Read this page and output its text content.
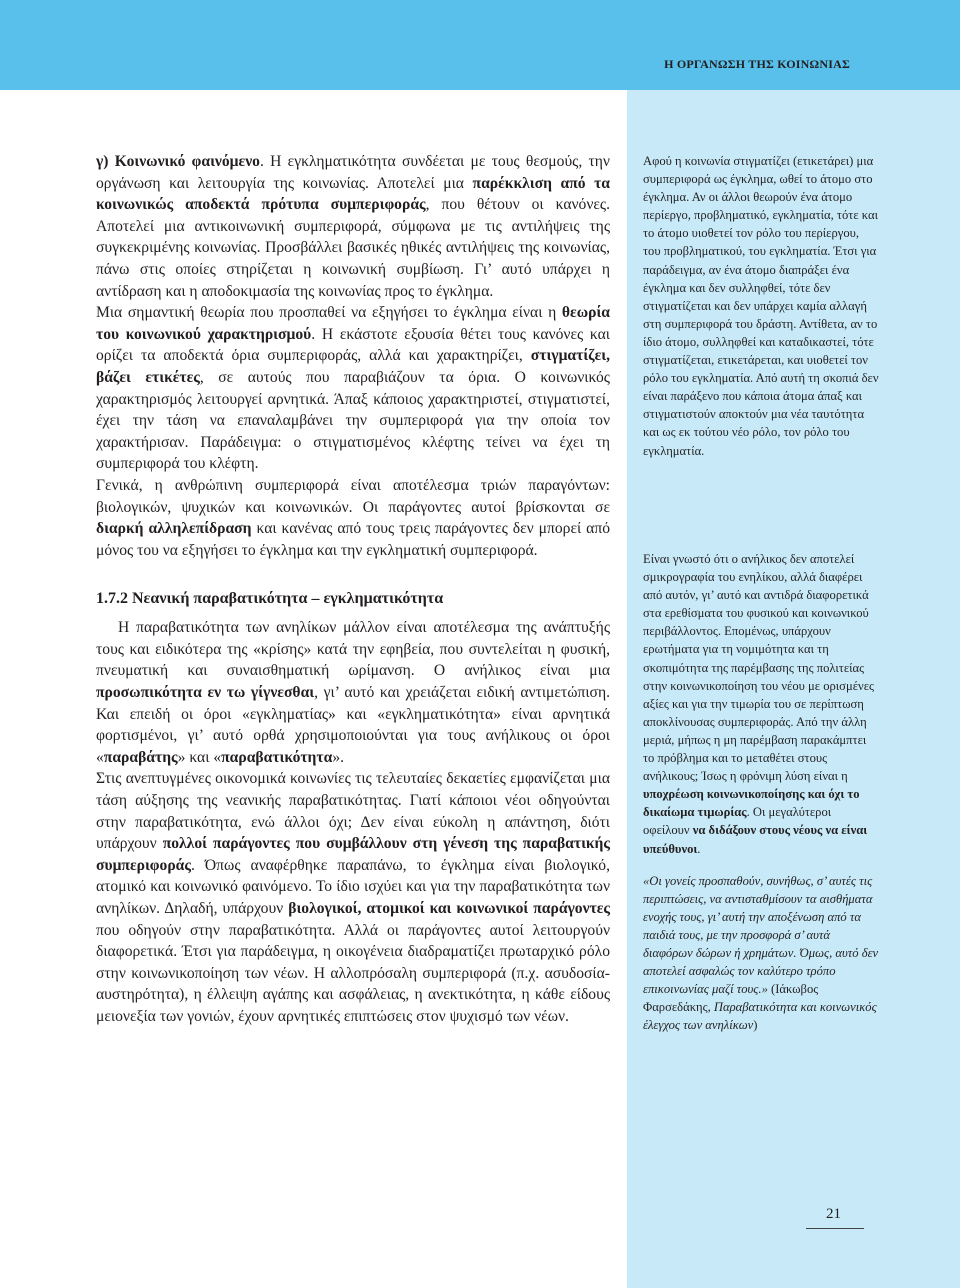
Η ΟΡΓΑΝΩΣΗ ΤΗΣ ΚΟΙΝΩΝΙΑΣ

γ) Κοινωνικό φαινόμενο. Η εγκληματικότητα συνδέεται με τους θεσμούς, την οργάνωση και λειτουργία της κοινωνίας. Αποτελεί μια παρέκκλιση από τα κοινωνικώς αποδεκτά πρότυπα συμπεριφοράς, που θέτουν οι κανόνες. Αποτελεί μια αντικοινωνική συμπεριφορά, σύμφωνα με τις αντιλήψεις της συγκεκριμένης κοινωνίας. Προσβάλλει βασικές ηθικές αντιλήψεις της κοινωνίας, πάνω στις οποίες στηρίζεται η κοινωνική συμβίωση. Γι’ αυτό υπάρχει η αντίδραση και η αποδοκιμασία της κοινωνίας προς το έγκλημα.

Μια σημαντική θεωρία που προσπαθεί να εξηγήσει το έγκλημα είναι η θεωρία του κοινωνικού χαρακτηρισμού. Η εκάστοτε εξουσία θέτει τους κανόνες και ορίζει τα αποδεκτά όρια συμπεριφοράς, αλλά και χαρακτηρίζει, στιγματίζει, βάζει ετικέτες, σε αυτούς που παραβιάζουν τα όρια. Ο κοινωνικός χαρακτηρισμός λειτουργεί αρνητικά. Άπαξ κάποιος χαρακτηριστεί, στιγματιστεί, έχει την τάση να επαναλαμβάνει την συμπεριφορά για την οποία τον χαρακτήρισαν. Παράδειγμα: ο στιγματισμένος κλέφτης τείνει να έχει τη συμπεριφορά του κλέφτη.

Γενικά, η ανθρώπινη συμπεριφορά είναι αποτέλεσμα τριών παραγόντων: βιολογικών, ψυχικών και κοινωνικών. Οι παράγοντες αυτοί βρίσκονται σε διαρκή αλληλεπίδραση και κανένας από τους τρεις παράγοντες δεν μπορεί από μόνος του να εξηγήσει το έγκλημα και την εγκληματική συμπεριφορά.

1.7.2 Νεανική παραβατικότητα – εγκληματικότητα

Η παραβατικότητα των ανηλίκων μάλλον είναι αποτέλεσμα της ανάπτυξής τους και ειδικότερα της «κρίσης» κατά την εφηβεία, που συντελείται η φυσική, πνευματική και συναισθηματική ωρίμανση. Ο ανήλικος είναι μια προσωπικότητα εν τω γίγνεσθαι, γι’ αυτό και χρειάζεται ειδική αντιμετώπιση. Και επειδή οι όροι «εγκληματίας» και «εγκληματικότητα» είναι αρνητικά φορτισμένοι, γι’ αυτό ορθά χρησιμοποιούνται για τους ανήλικους οι όροι «παραβάτης» και «παραβατικότητα».

Στις ανεπτυγμένες οικονομικά κοινωνίες τις τελευταίες δεκαετίες εμφανίζεται μια τάση αύξησης της νεανικής παραβατικότητας. Γιατί κάποιοι νέοι οδηγούνται στην παραβατικότητα, ενώ άλλοι όχι; Δεν είναι εύκολη η απάντηση, διότι υπάρχουν πολλοί παράγοντες που συμβάλλουν στη γένεση της παραβατικής συμπεριφοράς. Όπως αναφέρθηκε παραπάνω, το έγκλημα είναι βιολογικό, ατομικό και κοινωνικό φαινόμενο. Το ίδιο ισχύει και για την παραβατικότητα των ανηλίκων. Δηλαδή, υπάρχουν βιολογικοί, ατομικοί και κοινωνικοί παράγοντες που οδηγούν στην παραβατικότητα. Αλλά οι παράγοντες αυτοί λειτουργούν διαφορετικά. Έτσι για παράδειγμα, η οικογένεια διαδραματίζει πρωταρχικό ρόλο στην κοινωνικοποίηση των νέων. Η αλλοπρόσαλη συμπεριφορά (π.χ. ασυδοσία-αυστηρότητα), η έλλειψη αγάπης και ασφάλειας, η ανεκτικότητα, η κάθε είδους μειονεξία των γονιών, έχουν αρνητικές επιπτώσεις στον ψυχισμό των νέων.

Αφού η κοινωνία στιγματίζει (ετικετάρει) μια συμπεριφορά ως έγκλημα, ωθεί το άτομο στο έγκλημα. Αν οι άλλοι θεωρούν ένα άτομο περίεργο, προβληματικό, εγκληματία, τότε και το άτομο υιοθετεί τον ρόλο του περίεργου, του προβληματικού, του εγκληματία. Έτσι για παράδειγμα, αν ένα άτομο διαπράξει ένα έγκλημα και δεν συλληφθεί, τότε δεν στιγματίζεται και δεν υπάρχει καμία αλλαγή στη συμπεριφορά του δράστη. Αντίθετα, αν το ίδιο άτομο, συλληφθεί και καταδικαστεί, τότε στιγματίζεται, ετικετάρεται, και υιοθετεί τον ρόλο του εγκληματία. Από αυτή τη σκοπιά δεν είναι παράξενο που κάποια άτομα άπαξ και στιγματιστούν αποκτούν μια νέα ταυτότητα και ως εκ τούτου νέο ρόλο, τον ρόλο του εγκληματία.

Είναι γνωστό ότι ο ανήλικος δεν αποτελεί σμικρογραφία του ενηλίκου, αλλά διαφέρει από αυτόν, γι’ αυτό και αντιδρά διαφορετικά στα ερεθίσματα του φυσικού και κοινωνικού περιβάλλοντος. Επομένως, υπάρχουν ερωτήματα για τη νομιμότητα και τη σκοπιμότητα της παρέμβασης της πολιτείας στην κοινωνικοποίηση του νέου με ορισμένες αξίες και για την τιμωρία του σε περίπτωση αποκλίνουσας συμπεριφοράς. Από την άλλη μεριά, μήπως η μη παρέμβαση παρακάμπτει το πρόβλημα και το μεταθέτει στους ανήλικους; Ίσως η φρόνιμη λύση είναι η υποχρέωση κοινωνικοποίησης και όχι το δικαίωμα τιμωρίας. Οι μεγαλύτεροι οφείλουν να διδάξουν στους νέους να είναι υπεύθυνοι.

«Οι γονείς προσπαθούν, συνήθως, σ’ αυτές τις περιπτώσεις, να αντισταθμίσουν τα αισθήματα ενοχής τους, γι’ αυτή την αποξένωση από τα παιδιά τους, με την προσφορά σ’ αυτά διαφόρων δώρων ή χρημάτων. Όμως, αυτό δεν αποτελεί ασφαλώς τον καλύτερο τρόπο επικοινωνίας μαζί τους.» (Ιάκωβος Φαρσεδάκης, Παραβατικότητα και κοινωνικός έλεγχος των ανηλίκων)

21
